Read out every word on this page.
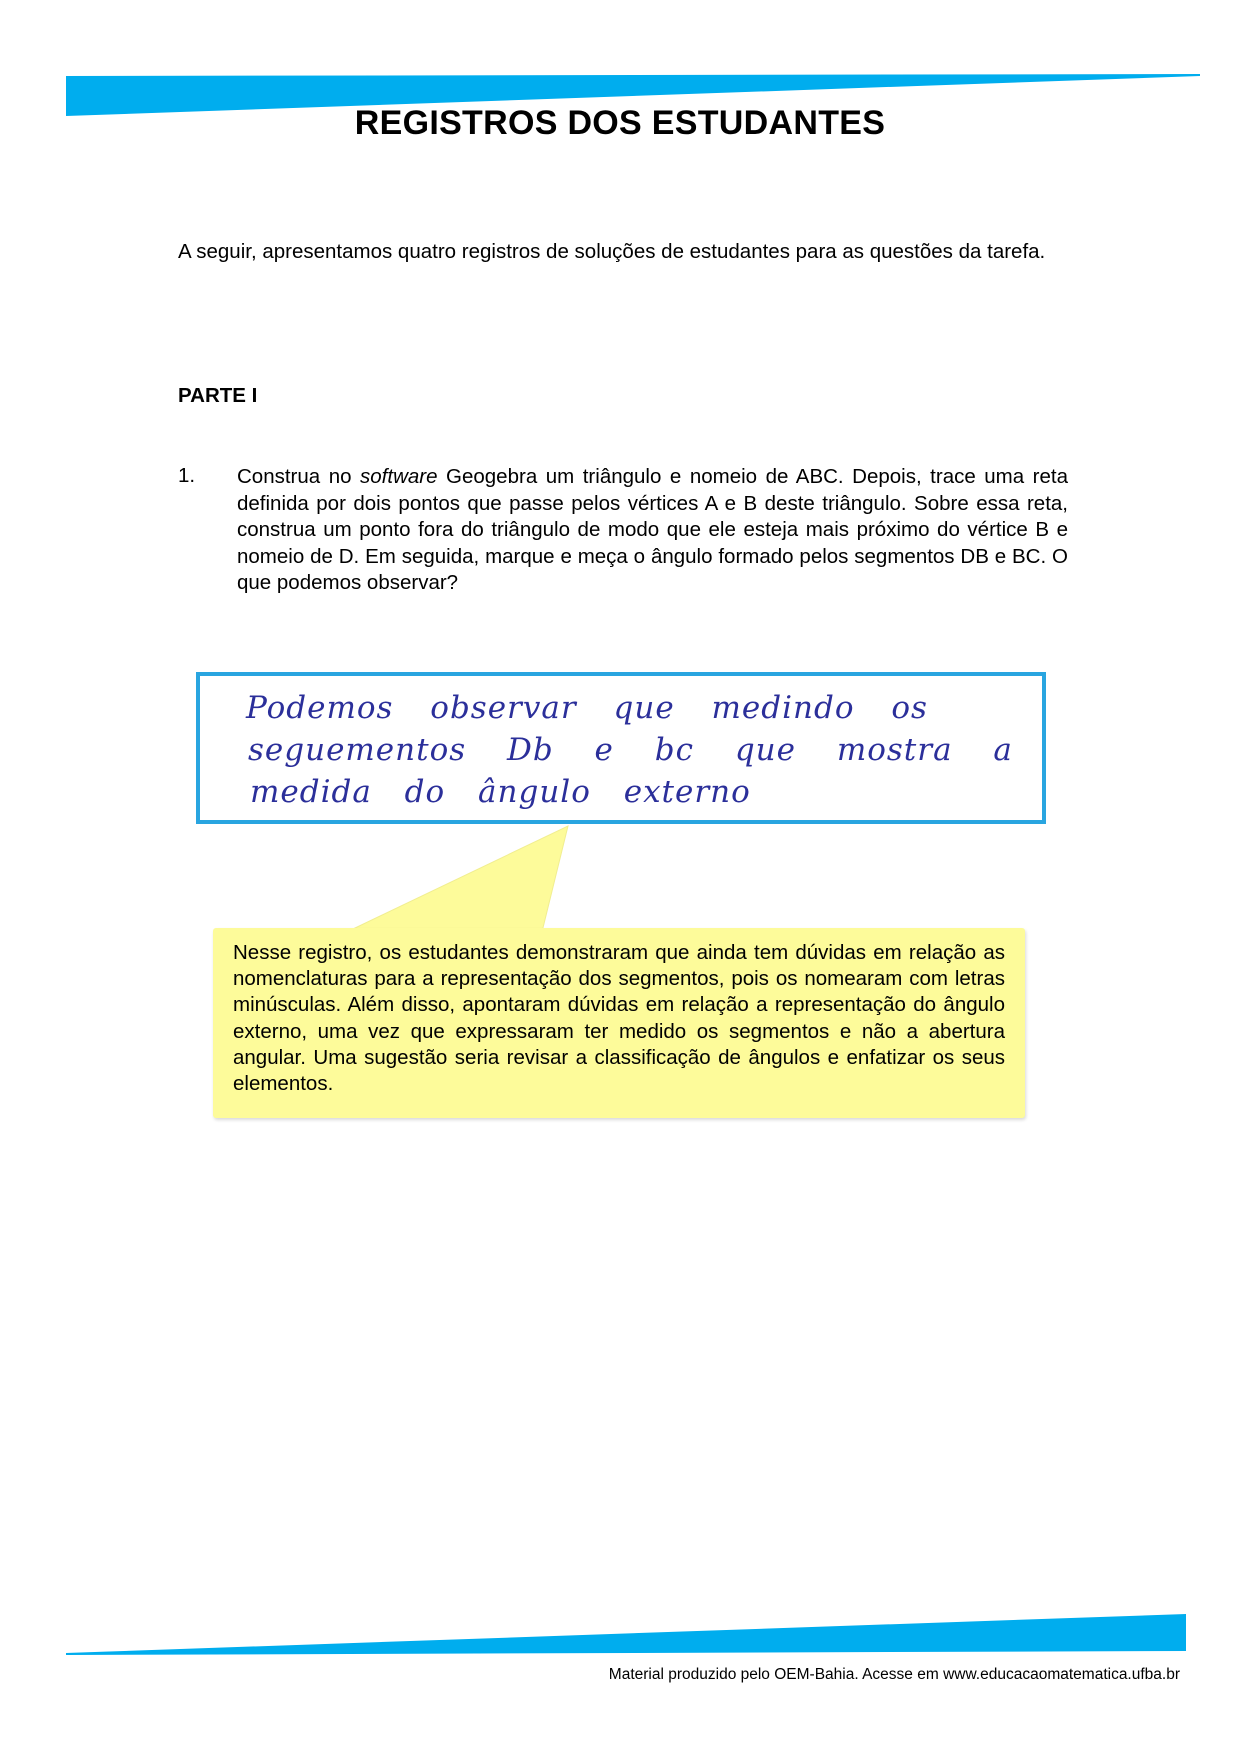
REGISTROS DOS ESTUDANTES

A seguir, apresentamos quatro registros de soluções de estudantes para as questões da tarefa.

PARTE I

1. Construa no software Geogebra um triângulo e nomeio de ABC. Depois, trace uma reta definida por dois pontos que passe pelos vértices A e B deste triângulo. Sobre essa reta, construa um ponto fora do triângulo de modo que ele esteja mais próximo do vértice B e nomeio de D. Em seguida, marque e meça o ângulo formado pelos segmentos DB e BC. O que podemos observar?

Podemos observar que medindo os
seguementos Db e bc que mostra a
medida do ângulo externo

Nesse registro, os estudantes demonstraram que ainda tem dúvidas em relação as nomenclaturas para a representação dos segmentos, pois os nomearam com letras minúsculas. Além disso, apontaram dúvidas em relação a representação do ângulo externo, uma vez que expressaram ter medido os segmentos e não a abertura angular. Uma sugestão seria revisar a classificação de ângulos e enfatizar os seus elementos.

Material produzido pelo OEM-Bahia. Acesse em www.educacaomatematica.ufba.br
